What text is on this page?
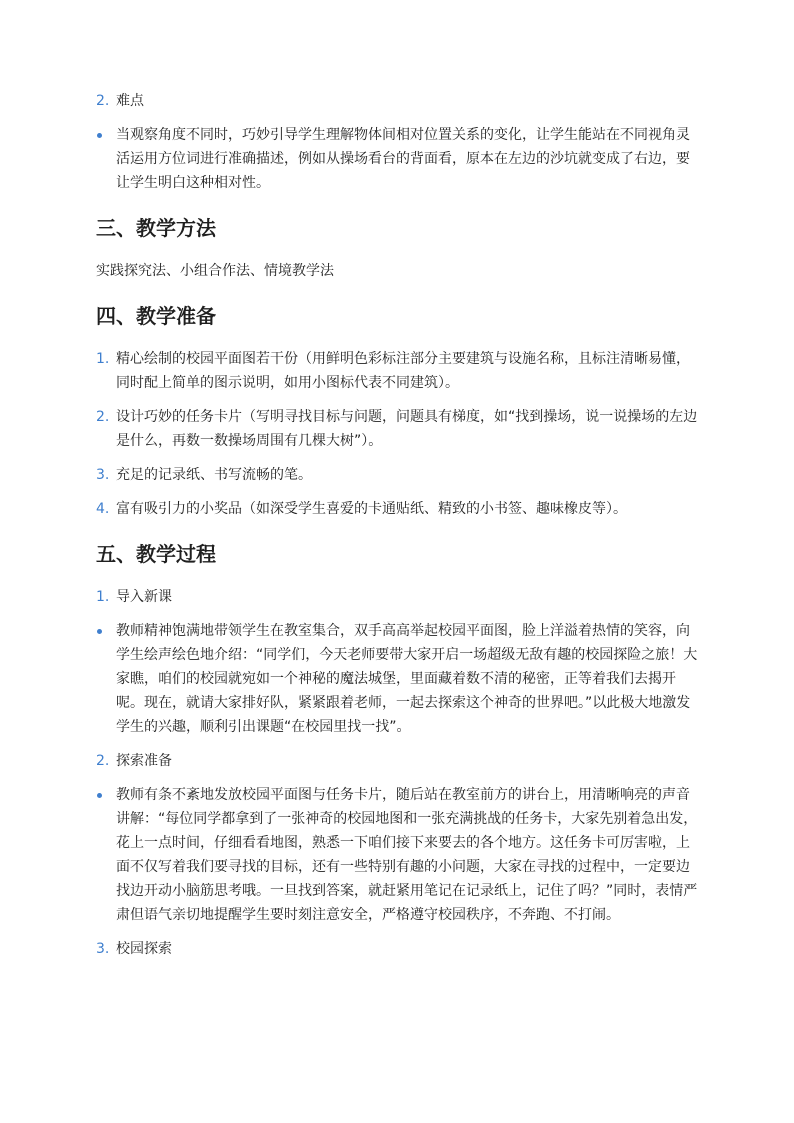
2. 难点
当观察角度不同时，巧妙引导学生理解物体间相对位置关系的变化，让学生能站在不同视角灵活运用方位词进行准确描述，例如从操场看台的背面看，原本在左边的沙坑就变成了右边，要让学生明白这种相对性。
三、教学方法

实践探究法、小组合作法、情境教学法

四、教学准备
1. 精心绘制的校园平面图若干份（用鲜明色彩标注部分主要建筑与设施名称，且标注清晰易懂，同时配上简单的图示说明，如用小图标代表不同建筑）。
2. 设计巧妙的任务卡片（写明寻找目标与问题，问题具有梯度，如“找到操场，说一说操场的左边是什么，再数一数操场周围有几棵大树”）。
3. 充足的记录纸、书写流畅的笔。
4. 富有吸引力的小奖品（如深受学生喜爱的卡通贴纸、精致的小书签、趣味橡皮等）。
五、教学过程
1. 导入新课
教师精神饱满地带领学生在教室集合，双手高高举起校园平面图，脸上洋溢着热情的笑容，向学生绘声绘色地介绍：“同学们，今天老师要带大家开启一场超级无敌有趣的校园探险之旅！大家瞧，咱们的校园就宛如一个神秘的魔法城堡，里面藏着数不清的秘密，正等着我们去揭开呢。现在，就请大家排好队，紧紧跟着老师，一起去探索这个神奇的世界吧。”以此极大地激发学生的兴趣，顺利引出课题“在校园里找一找”。
2. 探索准备
教师有条不紊地发放校园平面图与任务卡片，随后站在教室前方的讲台上，用清晰响亮的声音讲解：“每位同学都拿到了一张神奇的校园地图和一张充满挑战的任务卡，大家先别着急出发，花上一点时间，仔细看看地图，熟悉一下咱们接下来要去的各个地方。这任务卡可厉害啦，上面不仅写着我们要寻找的目标，还有一些特别有趣的小问题，大家在寻找的过程中，一定要边找边开动小脑筋思考哦。一旦找到答案，就赶紧用笔记在记录纸上，记住了吗？”同时，表情严肃但语气亲切地提醒学生要时刻注意安全，严格遵守校园秩序，不奔跑、不打闹。
3. 校园探索
